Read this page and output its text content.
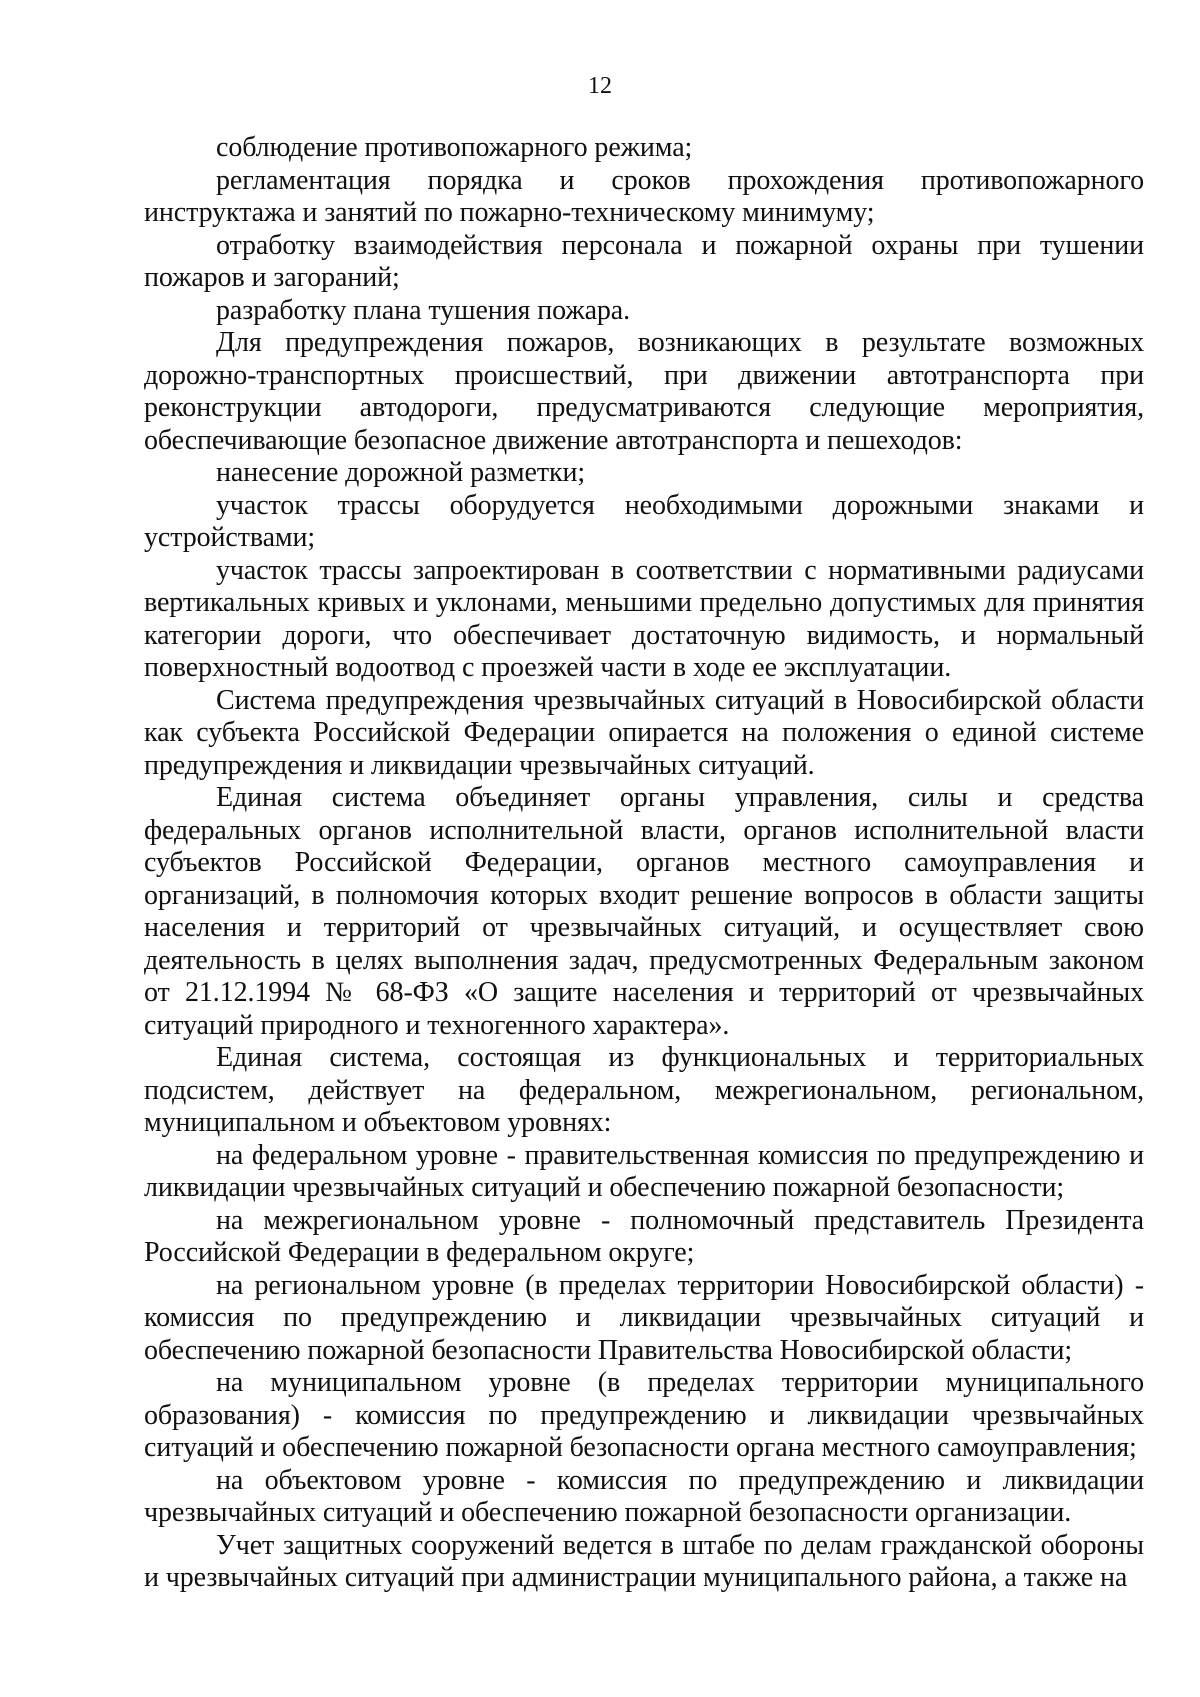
12

соблюдение противопожарного режима;

регламентация порядка и сроков прохождения противопожарного инструктажа и занятий по пожарно-техническому минимуму;

отработку взаимодействия персонала и пожарной охраны при тушении пожаров и загораний;

разработку плана тушения пожара.

Для предупреждения пожаров, возникающих в результате возможных дорожно-транспортных происшествий, при движении автотранспорта при реконструкции автодороги, предусматриваются следующие мероприятия, обеспечивающие безопасное движение автотранспорта и пешеходов:

нанесение дорожной разметки;

участок трассы оборудуется необходимыми дорожными знаками и устройствами;

участок трассы запроектирован в соответствии с нормативными радиусами вертикальных кривых и уклонами, меньшими предельно допустимых для принятия категории дороги, что обеспечивает достаточную видимость, и нормальный поверхностный водоотвод с проезжей части в ходе ее эксплуатации.

Система предупреждения чрезвычайных ситуаций в Новосибирской области как субъекта Российской Федерации опирается на положения о единой системе предупреждения и ликвидации чрезвычайных ситуаций.

Единая система объединяет органы управления, силы и средства федеральных органов исполнительной власти, органов исполнительной власти субъектов Российской Федерации, органов местного самоуправления и организаций, в полномочия которых входит решение вопросов в области защиты населения и территорий от чрезвычайных ситуаций, и осуществляет свою деятельность в целях выполнения задач, предусмотренных Федеральным законом от 21.12.1994 № 68-ФЗ «О защите населения и территорий от чрезвычайных ситуаций природного и техногенного характера».

Единая система, состоящая из функциональных и территориальных подсистем, действует на федеральном, межрегиональном, региональном, муниципальном и объектовом уровнях:

на федеральном уровне - правительственная комиссия по предупреждению и ликвидации чрезвычайных ситуаций и обеспечению пожарной безопасности;

на межрегиональном уровне - полномочный представитель Президента Российской Федерации в федеральном округе;

на региональном уровне (в пределах территории Новосибирской области) - комиссия по предупреждению и ликвидации чрезвычайных ситуаций и обеспечению пожарной безопасности Правительства Новосибирской области;

на муниципальном уровне (в пределах территории муниципального образования) - комиссия по предупреждению и ликвидации чрезвычайных ситуаций и обеспечению пожарной безопасности органа местного самоуправления;

на объектовом уровне - комиссия по предупреждению и ликвидации чрезвычайных ситуаций и обеспечению пожарной безопасности организации.

Учет защитных сооружений ведется в штабе по делам гражданской обороны и чрезвычайных ситуаций при администрации муниципального района, а также на
